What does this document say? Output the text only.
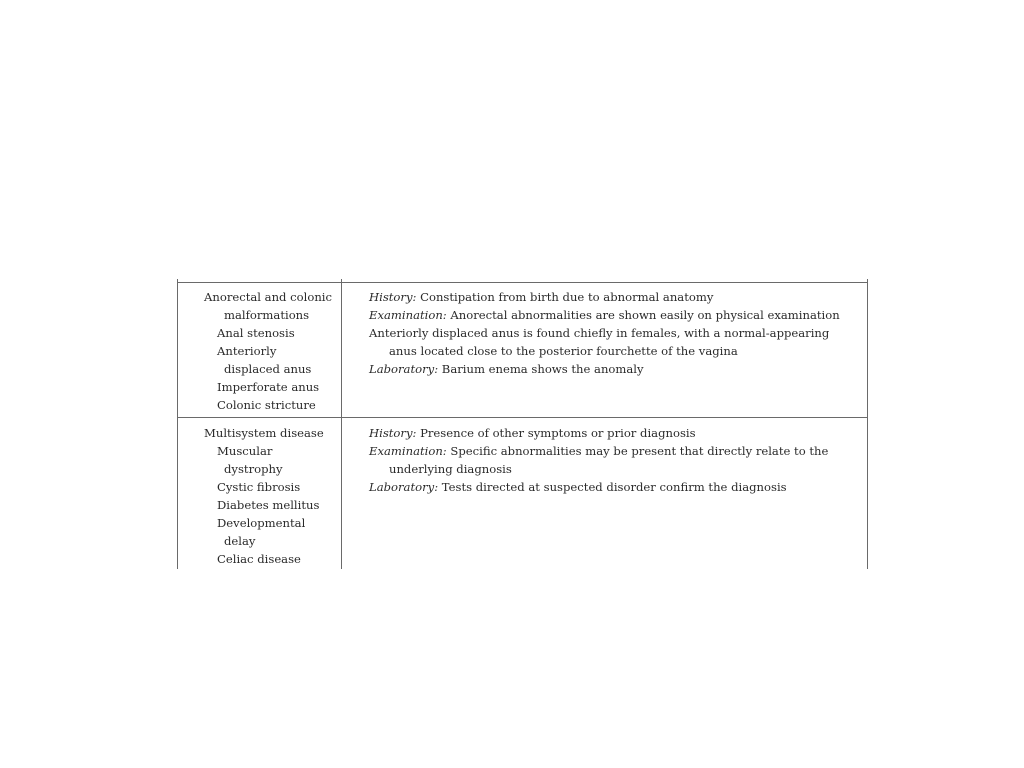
Anorectal and colonic
malformations
Anal stenosis
Anteriorly
displaced anus
Imperforate anus
Colonic stricture
History: Constipation from birth due to abnormal anatomy
Examination: Anorectal abnormalities are shown easily on physical examination
Anteriorly displaced anus is found chiefly in females, with a normal-appearing
anus located close to the posterior fourchette of the vagina
Laboratory: Barium enema shows the anomaly
Multisystem disease
Muscular
dystrophy
Cystic fibrosis
Diabetes mellitus
Developmental
delay
Celiac disease
History: Presence of other symptoms or prior diagnosis
Examination: Specific abnormalities may be present that directly relate to the
underlying diagnosis
Laboratory: Tests directed at suspected disorder confirm the diagnosis
